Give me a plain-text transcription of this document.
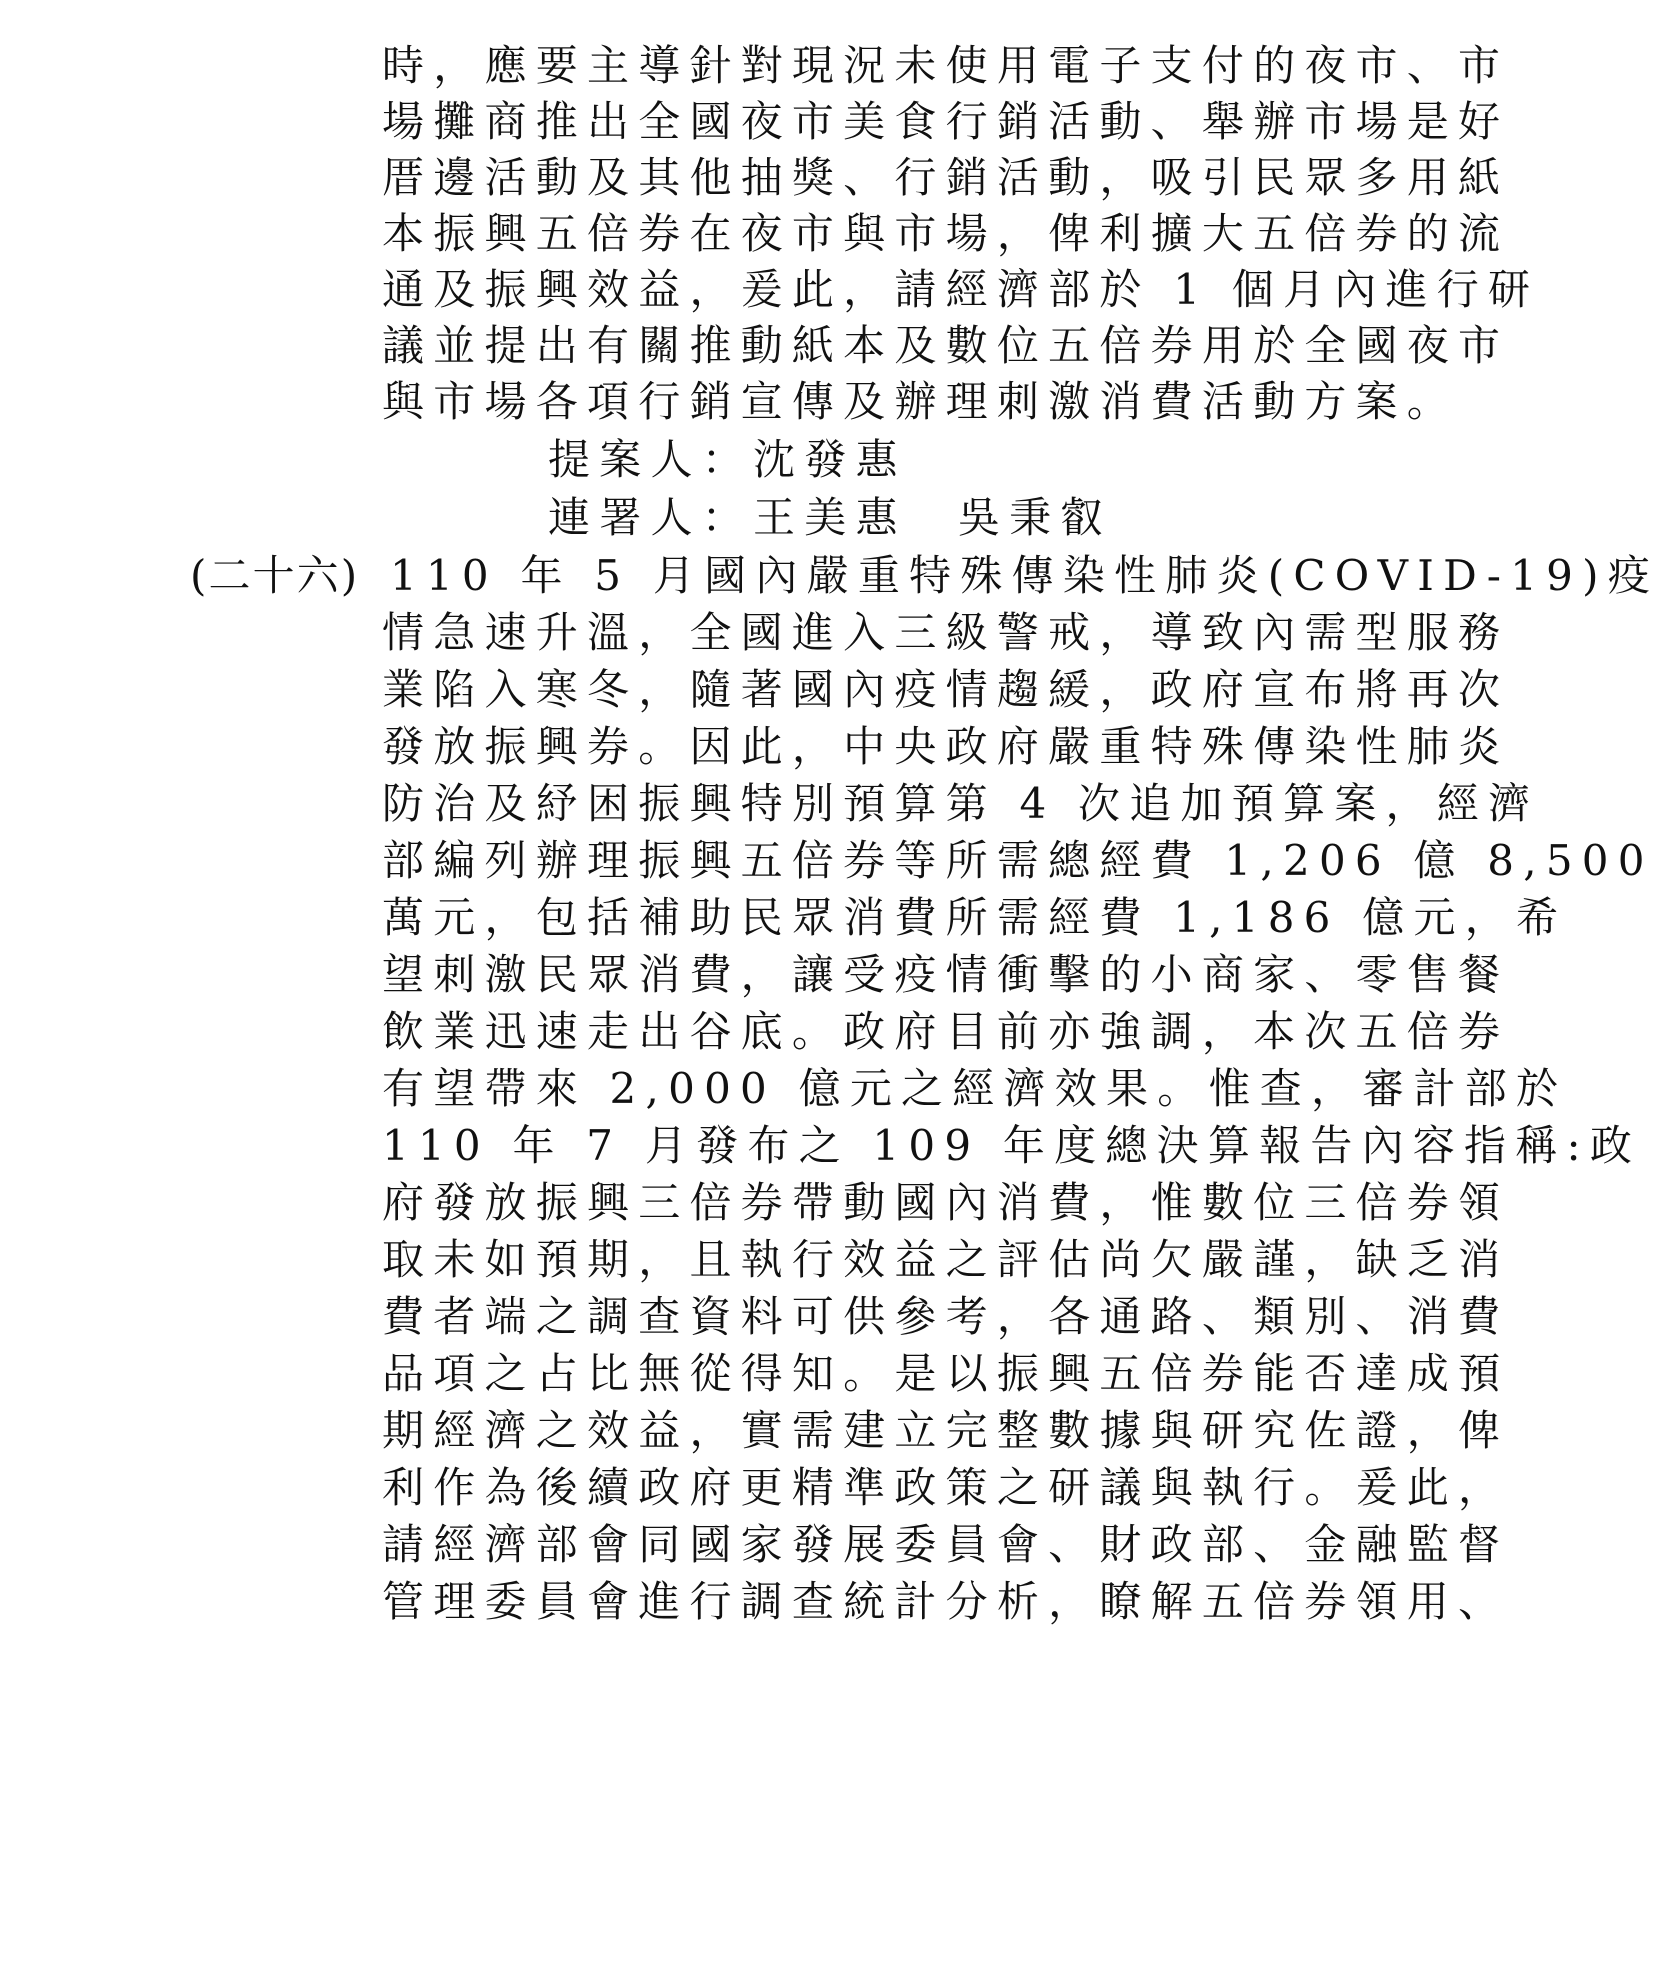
時，應要主導針對現況未使用電子支付的夜市、市
場攤商推出全國夜市美食行銷活動、舉辦市場是好
厝邊活動及其他抽獎、行銷活動，吸引民眾多用紙
本振興五倍券在夜市與市場，俾利擴大五倍券的流
通及振興效益，爰此，請經濟部於 1 個月內進行研
議並提出有關推動紙本及數位五倍券用於全國夜市
與市場各項行銷宣傳及辦理刺激消費活動方案。
提案人：沈發惠
連署人：王美惠　吳秉叡
(二十六) 110 年 5 月國內嚴重特殊傳染性肺炎(COVID-19)疫
情急速升溫，全國進入三級警戒，導致內需型服務
業陷入寒冬，隨著國內疫情趨緩，政府宣布將再次
發放振興券。因此，中央政府嚴重特殊傳染性肺炎
防治及紓困振興特別預算第 4 次追加預算案，經濟
部編列辦理振興五倍券等所需總經費 1,206 億 8,500
萬元，包括補助民眾消費所需經費 1,186 億元，希
望刺激民眾消費，讓受疫情衝擊的小商家、零售餐
飲業迅速走出谷底。政府目前亦強調，本次五倍券
有望帶來 2,000 億元之經濟效果。惟查，審計部於
110 年 7 月發布之 109 年度總決算報告內容指稱:政
府發放振興三倍券帶動國內消費，惟數位三倍券領
取未如預期，且執行效益之評估尚欠嚴謹，缺乏消
費者端之調查資料可供參考，各通路、類別、消費
品項之占比無從得知。是以振興五倍券能否達成預
期經濟之效益，實需建立完整數據與研究佐證，俾
利作為後續政府更精準政策之研議與執行。爰此，
請經濟部會同國家發展委員會、財政部、金融監督
管理委員會進行調查統計分析，瞭解五倍券領用、
